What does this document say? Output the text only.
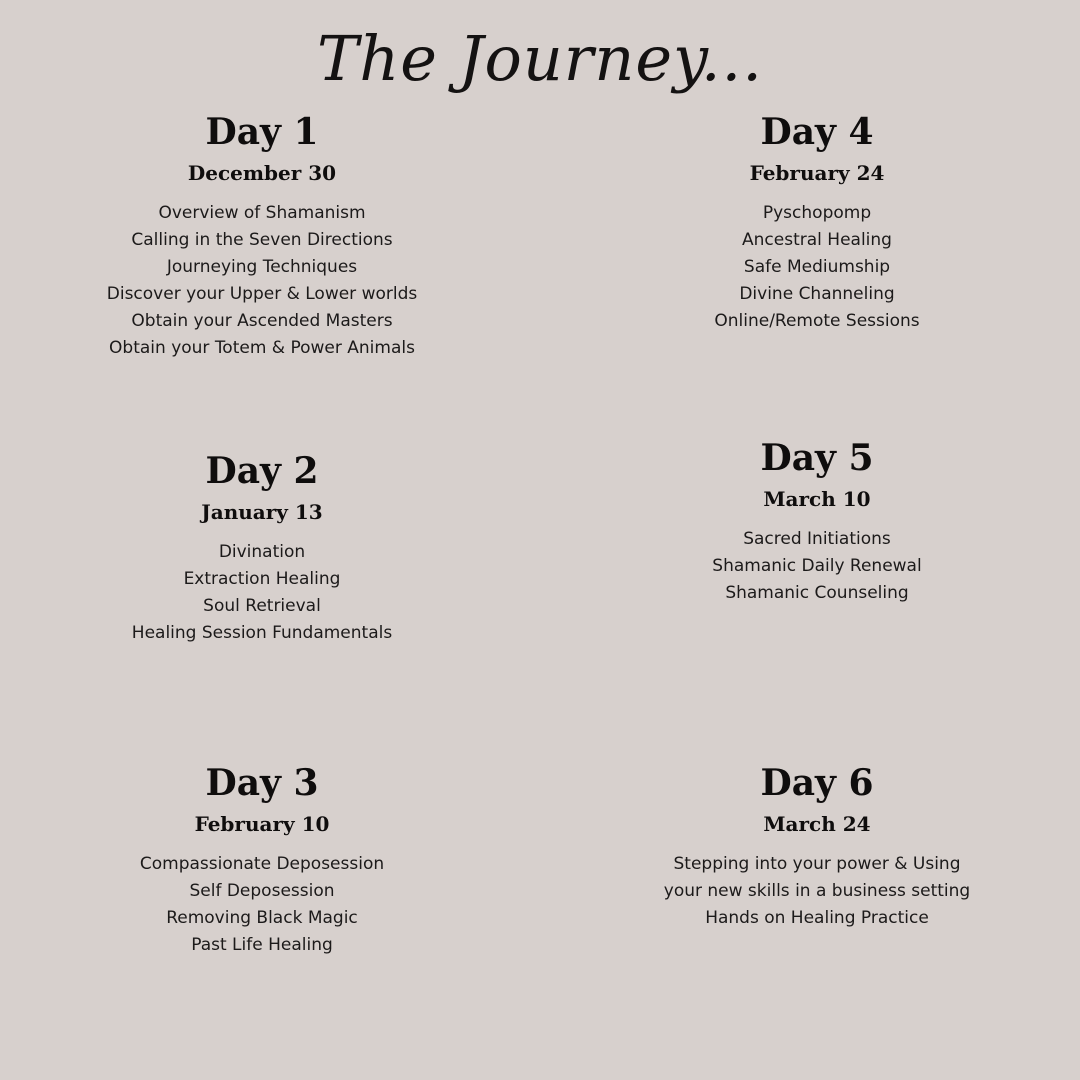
The Journey...
Day 1
December 30
Overview of Shamanism
Calling in the Seven Directions
Journeying Techniques
Discover your Upper & Lower worlds
Obtain your Ascended Masters
Obtain your Totem & Power Animals
Day 2
January 13
Divination
Extraction Healing
Soul Retrieval
Healing Session Fundamentals
Day 3
February 10
Compassionate Deposession
Self Deposession
Removing Black Magic
Past Life Healing
Day 4
February 24
Pyschopomp
Ancestral Healing
Safe Mediumship
Divine Channeling
Online/Remote Sessions
Day 5
March 10
Sacred Initiations
Shamanic Daily Renewal
Shamanic Counseling
Day 6
March 24
Stepping into your power & Using
your new skills in a business setting
Hands on Healing Practice
